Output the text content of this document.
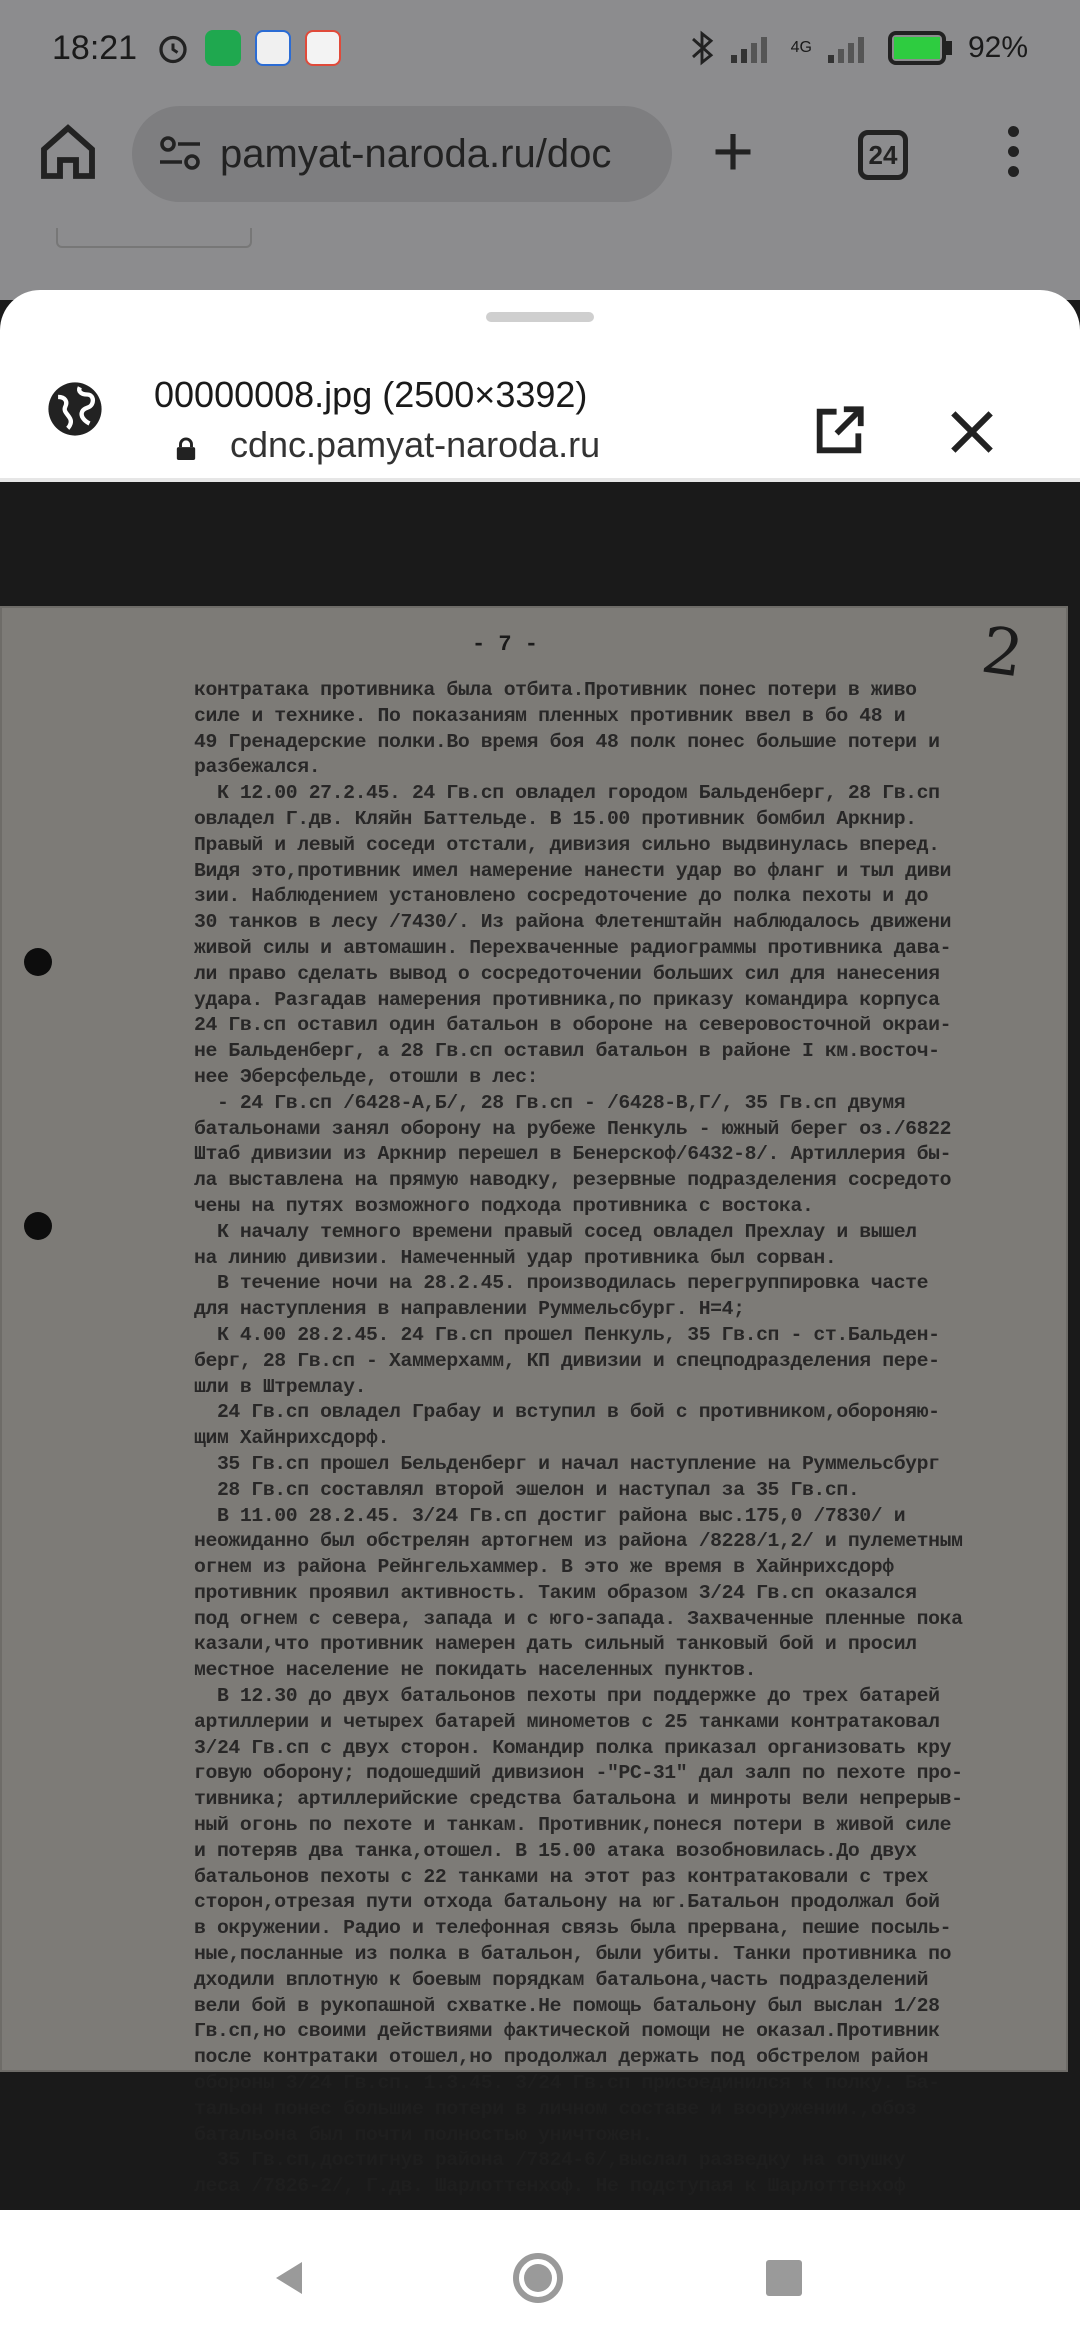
18:21	4G	92%
pamyat-naroda.ru/doc +	24
00000008.jpg (2500×3392)
cdnc.pamyat-naroda.ru
- 7 -	2
контратака противника была отбита.Противник понес потери в живо
силе и технике. По показаниям пленных противник ввел в бо 48 и
49 Гренадерские полки.Во время боя 48 полк понес большие потери и
разбежался.
К 12.00 27.2.45. 24 Гв.сп овладел городом Бальденберг, 28 Гв.сп
овладел Г.дв. Кляйн Баттельде. В 15.00 противник бомбил Аркнир.
Правый и левый соседи отстали, дивизия сильно выдвинулась вперед.
Видя это,противник имел намерение нанести удар во фланг и тыл диви
зии. Наблюдением установлено сосредоточение до полка пехоты и до
30 танков в лесу /7430/. Из района Флетенштайн наблюдалось движени
живой силы и автомашин. Перехваченные радиограммы противника дава-
ли право сделать вывод о сосредоточении больших сил для нанесения
удара. Разгадав намерения противника,по приказу командира корпуса
24 Гв.сп оставил один батальон в обороне на северовосточной окраи-
не Бальденберг, а 28 Гв.сп оставил батальон в районе I км.восточ-
нее Эберсфельде, отошли в лес:
- 24 Гв.сп /6428-А,Б/, 28 Гв.сп - /6428-В,Г/, 35 Гв.сп двумя
батальонами занял оборону на рубеже Пенкуль - южный берег оз./6822
Штаб дивизии из Аркнир перешел в Бенерскоф/6432-8/. Артиллерия бы-
ла выставлена на прямую наводку, резервные подразделения сосредото
чены на путях возможного подхода противника с востока.
К началу темного времени правый сосед овладел Прехлау и вышел
на линию дивизии. Намеченный удар противника был сорван.
В течение ночи на 28.2.45. производилась перегруппировка часте
для наступления в направлении Руммельсбург. Н=4;
К 4.00 28.2.45. 24 Гв.сп прошел Пенкуль, 35 Гв.сп - ст.Бальден-
берг, 28 Гв.сп - Хаммерхамм, КП дивизии и спецподразделения пере-
шли в Штремлау.
24 Гв.сп овладел Грабау и вступил в бой с противником,обороняю-
щим Хайнрихсдорф.
35 Гв.сп прошел Бельденберг и начал наступление на Руммельсбург
28 Гв.сп составлял второй эшелон и наступал за 35 Гв.сп.
В 11.00 28.2.45. 3/24 Гв.сп достиг района выс.175,0 /7830/ и
неожиданно был обстрелян артогнем из района /8228/1,2/ и пулеметным
огнем из района Рейнгельхаммер. В это же время в Хайнрихсдорф
противник проявил активность. Таким образом 3/24 Гв.сп оказался
под огнем с севера, запада и с юго-запада. Захваченные пленные пока
казали,что противник намерен дать сильный танковый бой и просил
местное население не покидать населенных пунктов.
В 12.30 до двух батальонов пехоты при поддержке до трех батарей
артиллерии и четырех батарей минометов с 25 танками контратаковал
3/24 Гв.сп с двух сторон. Командир полка приказал организовать кру
говую оборону; подошедший дивизион -"РС-31" дал залп по пехоте про-
тивника; артиллерийские средства батальона и минроты вели непрерыв-
ный огонь по пехоте и танкам. Противник,понеся потери в живой силе
и потеряв два танка,отошел. В 15.00 атака возобновилась.До двух
батальонов пехоты с 22 танками на этот раз контратаковали с трех
сторон,отрезая пути отхода батальону на юг.Батальон продолжал бой
в окружении. Радио и телефонная связь была прервана, пешие посыль-
ные,посланные из полка в батальон, были убиты. Танки противника по
дходили вплотную к боевым порядкам батальона,часть подразделений
вели бой в рукопашной схватке.Не помощь батальону был выслан 1/28
Гв.сп,но своими действиями фактической помощи не оказал.Противник
после контратаки отошел,но продолжал держать под обстрелом район
обороны 3/24 Гв.сп. 1.3.45. 3/24 Гв.сп присоединился к полку. Ба-
тальон понес большие потери в личном составе и вооружении.,обоз
батальона был почти полностью уничтожен.
35 Гв.сп,достигнув района /7824-6/,выслал разведку на опушку
леса /7826-2/, Г.дв. Шарлоттенхоф. Не подступая к Шарлоттенхоф
